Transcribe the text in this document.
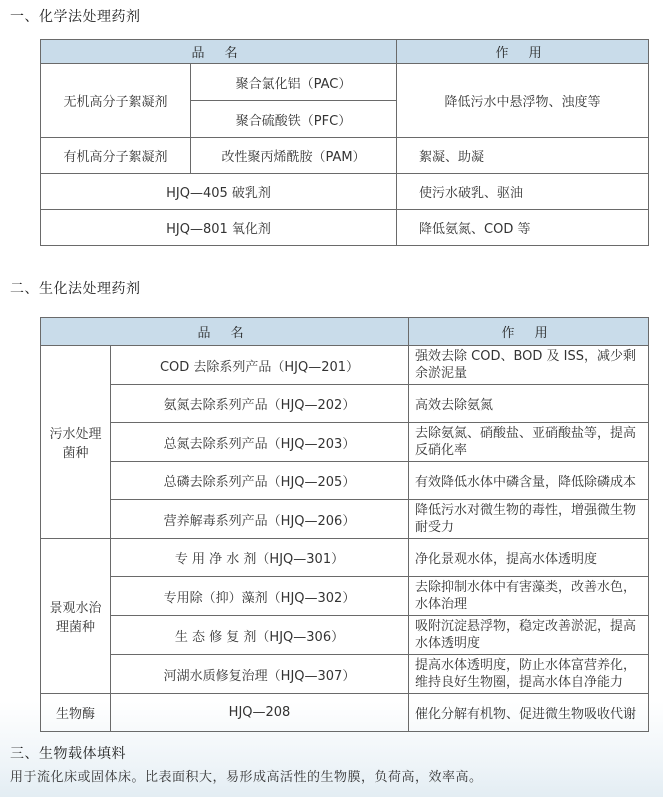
一、化学法处理药剂
品 名		作 用
无机高分子絮凝剂	聚合氯化铝（PAC）	降低污水中悬浮物、浊度等
	聚合硫酸铁（PFC）	
有机高分子絮凝剂	改性聚丙烯酰胺（PAM）	絮凝、助凝
HJQ—405 破乳剂		使污水破乳、驱油
HJQ—801 氧化剂		降低氨氮、COD 等
二、生化法处理药剂
品 名		作 用
污水处理菌种	COD 去除系列产品（HJQ—201）	强效去除 COD、BOD 及 ISS，减少剩余淤泥量
	氨氮去除系列产品（HJQ—202）	高效去除氨氮
	总氮去除系列产品（HJQ—203）	去除氨氮、硝酸盐、亚硝酸盐等，提高反硝化率
	总磷去除系列产品（HJQ—205）	有效降低水体中磷含量，降低除磷成本
	营养解毒系列产品（HJQ—206）	降低污水对微生物的毒性，增强微生物耐受力
景观水治理菌种	专 用 净 水 剂（HJQ—301）	净化景观水体，提高水体透明度
	专用除（抑）藻剂（HJQ—302）	去除抑制水体中有害藻类，改善水色，水体治理
	生 态 修 复 剂（HJQ—306）	吸附沉淀悬浮物，稳定改善淤泥，提高水体透明度
	河湖水质修复治理（HJQ—307）	提高水体透明度，防止水体富营养化，维持良好生物圈，提高水体自净能力
生物酶	HJQ—208	催化分解有机物、促进微生物吸收代谢
三、生物载体填料
用于流化床或固体床。比表面积大，易形成高活性的生物膜，负荷高，效率高。
